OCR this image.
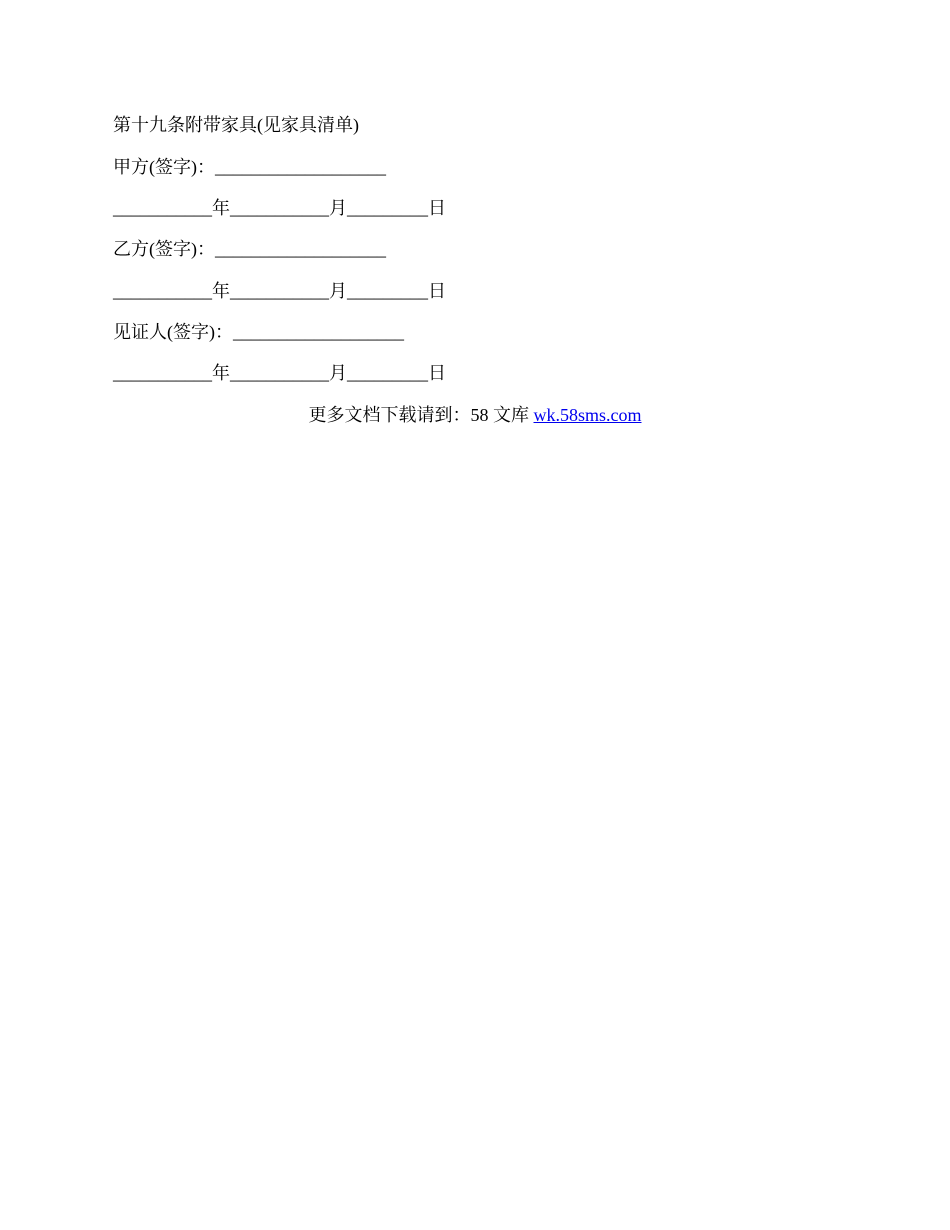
第十九条附带家具(见家具清单)
甲方(签字)：___________________
___________年___________月_________日
乙方(签字)：___________________
___________年___________月_________日
见证人(签字)：___________________
___________年___________月_________日
更多文档下载请到：58 文库 wk.58sms.com
